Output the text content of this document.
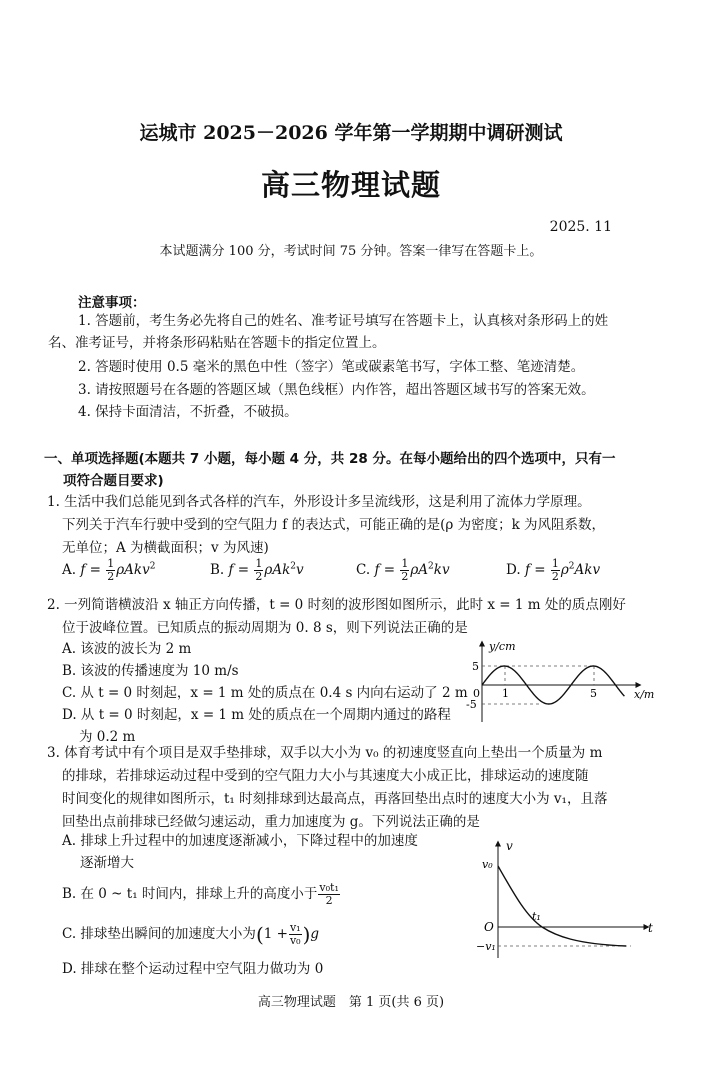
运城市 2025－2026 学年第一学期期中调研测试
高三物理试题
2025. 11
本试题满分 100 分，考试时间 75 分钟。答案一律写在答题卡上。
注意事项：
1. 答题前，考生务必先将自己的姓名、准考证号填写在答题卡上，认真核对条形码上的姓
名、准考证号，并将条形码粘贴在答题卡的指定位置上。
2. 答题时使用 0.5 毫米的黑色中性（签字）笔或碳素笔书写，字体工整、笔迹清楚。
3. 请按照题号在各题的答题区域（黑色线框）内作答，超出答题区域书写的答案无效。
4. 保持卡面清洁，不折叠，不破损。
一、单项选择题(本题共 7 小题，每小题 4 分，共 28 分。在每小题给出的四个选项中，只有一
项符合题目要求)
1. 生活中我们总能见到各式各样的汽车，外形设计多呈流线形，这是利用了流体力学原理。
下列关于汽车行驶中受到的空气阻力 f 的表达式，可能正确的是(ρ 为密度；k 为风阻系数，
无单位；A 为横截面积；v 为风速)
A. $f = \frac{1}{2} \rho Akv^2$	B. $f = \frac{1}{2} \rho Ak^2v$	C. $f = \frac{1}{2} \rho A^2kv$	D. $f = \frac{1}{2} \rho^2Akv$
2. 一列简谐横波沿 x 轴正方向传播，t = 0 时刻的波形图如图所示，此时 x = 1 m 处的质点刚好
位于波峰位置。已知质点的振动周期为 0. 8 s，则下列说法正确的是
A. 该波的波长为 2 m
B. 该波的传播速度为 10 m/s
C. 从 t = 0 时刻起，x = 1 m 处的质点在 0.4 s 内向右运动了 2 m
D. 从 t = 0 时刻起，x = 1 m 处的质点在一个周期内通过的路程
为 0.2 m
y/cm
x/m
5
-5
0 1	5
3. 体育考试中有个项目是双手垫排球，双手以大小为 v₀ 的初速度竖直向上垫出一个质量为 m
的排球，若排球运动过程中受到的空气阻力大小与其速度大小成正比，排球运动的速度随
时间变化的规律如图所示，t₁ 时刻排球到达最高点，再落回垫出点时的速度大小为 v₁，且落
回垫出点前排球已经做匀速运动，重力加速度为 g。下列说法正确的是
A. 排球上升过程中的加速度逐渐减小，下降过程中的加速度
逐渐增大
B. 在 0 ~ t₁ 时间内，排球上升的高度小于 $\frac{\text{v₀t₁}}{2}$
C. 排球垫出瞬间的加速度大小为$(1 + \frac{\text{v₁}}{\text{v₀}} )g$
D. 排球在整个运动过程中空气阻力做功为 0
v
t
v₀
O
t₁
−v₁
高三物理试题　第 1 页(共 6 页)
